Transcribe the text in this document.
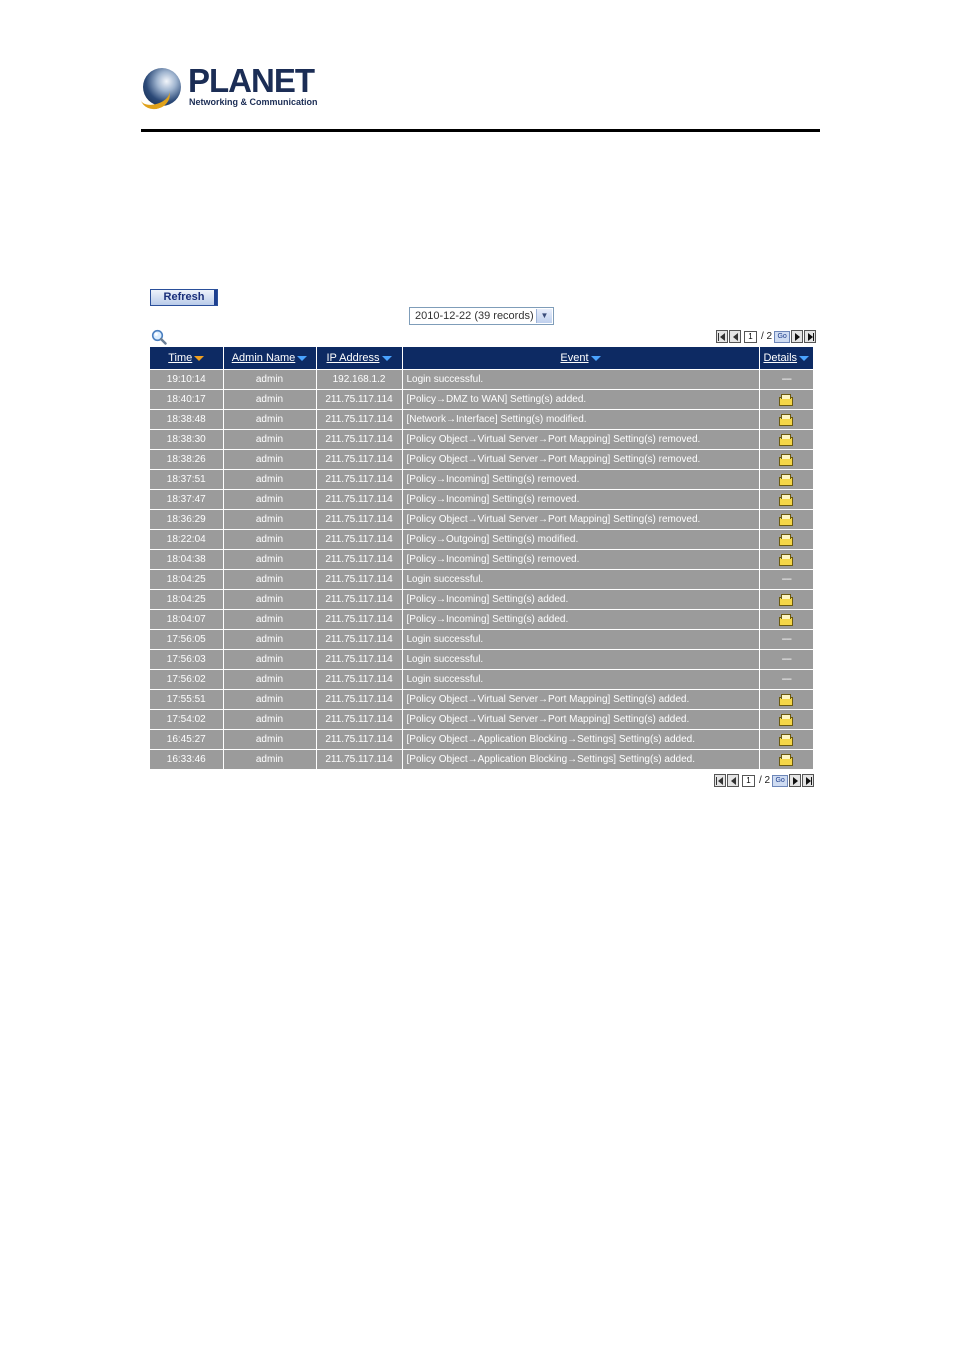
PLANET
Networking & Communication
Refresh
2010-12-22 (39 records) ▼
1 / 2 Go
Time	Admin Name	IP Address	Event	Details
19:10:14	admin	192.168.1.2	Login successful.	----
18:40:17	admin	211.75.117.114	[Policy→DMZ to WAN] Setting(s) added.	
18:38:48	admin	211.75.117.114	[Network→Interface] Setting(s) modified.	
18:38:30	admin	211.75.117.114	[Policy Object→Virtual Server→Port Mapping] Setting(s) removed.	
18:38:26	admin	211.75.117.114	[Policy Object→Virtual Server→Port Mapping] Setting(s) removed.	
18:37:51	admin	211.75.117.114	[Policy→Incoming] Setting(s) removed.	
18:37:47	admin	211.75.117.114	[Policy→Incoming] Setting(s) removed.	
18:36:29	admin	211.75.117.114	[Policy Object→Virtual Server→Port Mapping] Setting(s) removed.	
18:22:04	admin	211.75.117.114	[Policy→Outgoing] Setting(s) modified.	
18:04:38	admin	211.75.117.114	[Policy→Incoming] Setting(s) removed.	
18:04:25	admin	211.75.117.114	Login successful.	----
18:04:25	admin	211.75.117.114	[Policy→Incoming] Setting(s) added.	
18:04:07	admin	211.75.117.114	[Policy→Incoming] Setting(s) added.	
17:56:05	admin	211.75.117.114	Login successful.	----
17:56:03	admin	211.75.117.114	Login successful.	----
17:56:02	admin	211.75.117.114	Login successful.	----
17:55:51	admin	211.75.117.114	[Policy Object→Virtual Server→Port Mapping] Setting(s) added.	
17:54:02	admin	211.75.117.114	[Policy Object→Virtual Server→Port Mapping] Setting(s) added.	
16:45:27	admin	211.75.117.114	[Policy Object→Application Blocking→Settings] Setting(s) added.	
16:33:46	admin	211.75.117.114	[Policy Object→Application Blocking→Settings] Setting(s) added.	
1 / 2 Go
